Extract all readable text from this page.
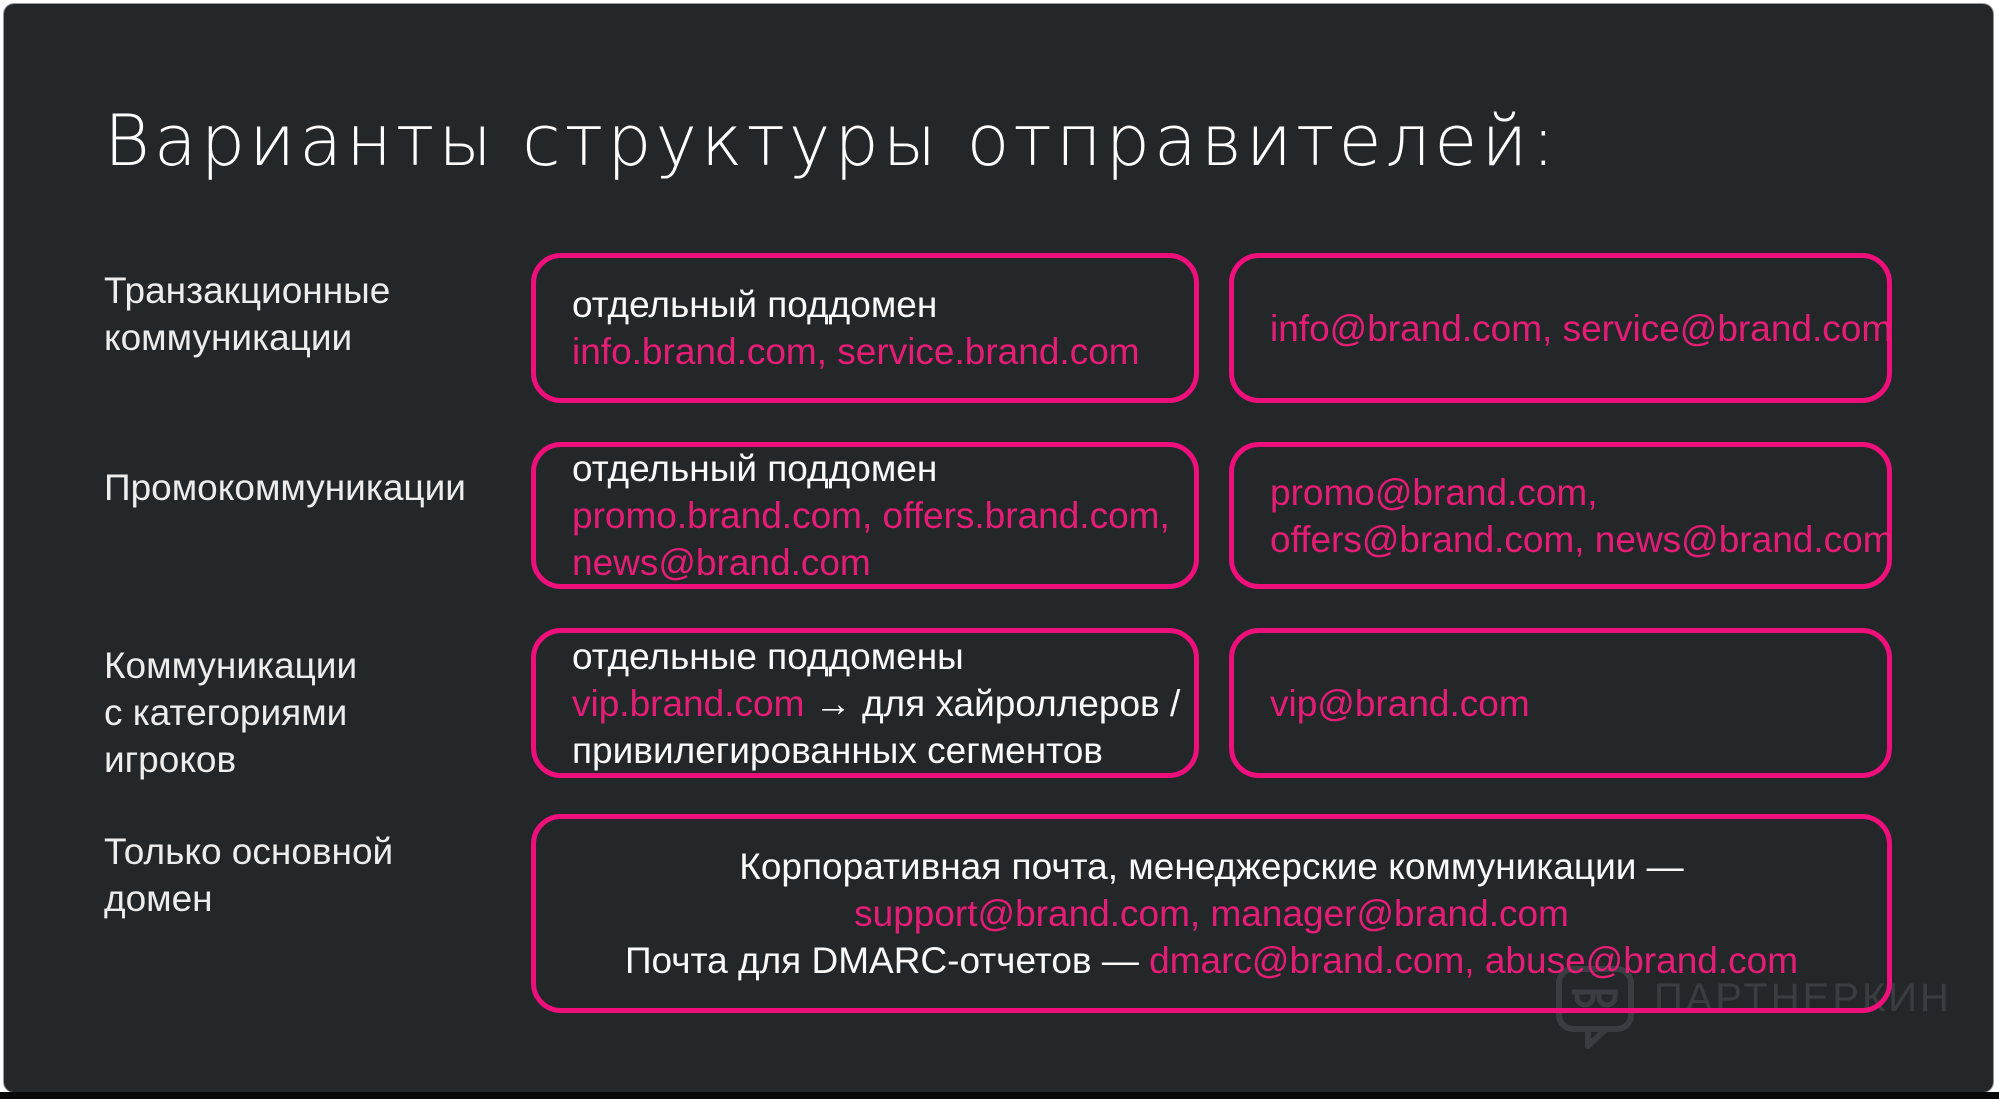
Варианты структуры отправителей:
ПАРТНЕРКИН
Транзакционные
коммуникации
отдельный поддомен
info.brand.com, service.brand.com
info@brand.com, service@brand.com
Промокоммуникации	отдельный поддомен
promo.brand.com, offers.brand.com,
news@brand.com
promo@brand.com,
offers@brand.com, news@brand.com
Коммуникации
с категориями
игроков
отдельные поддомены
vip.brand.com → для хайроллеров /
привилегированных сегментов
vip@brand.com
Только основной
домен
Корпоративная почта, менеджерские коммуникации —
support@brand.com, manager@brand.com
Почта для DMARC-отчетов — dmarc@brand.com, abuse@brand.com
